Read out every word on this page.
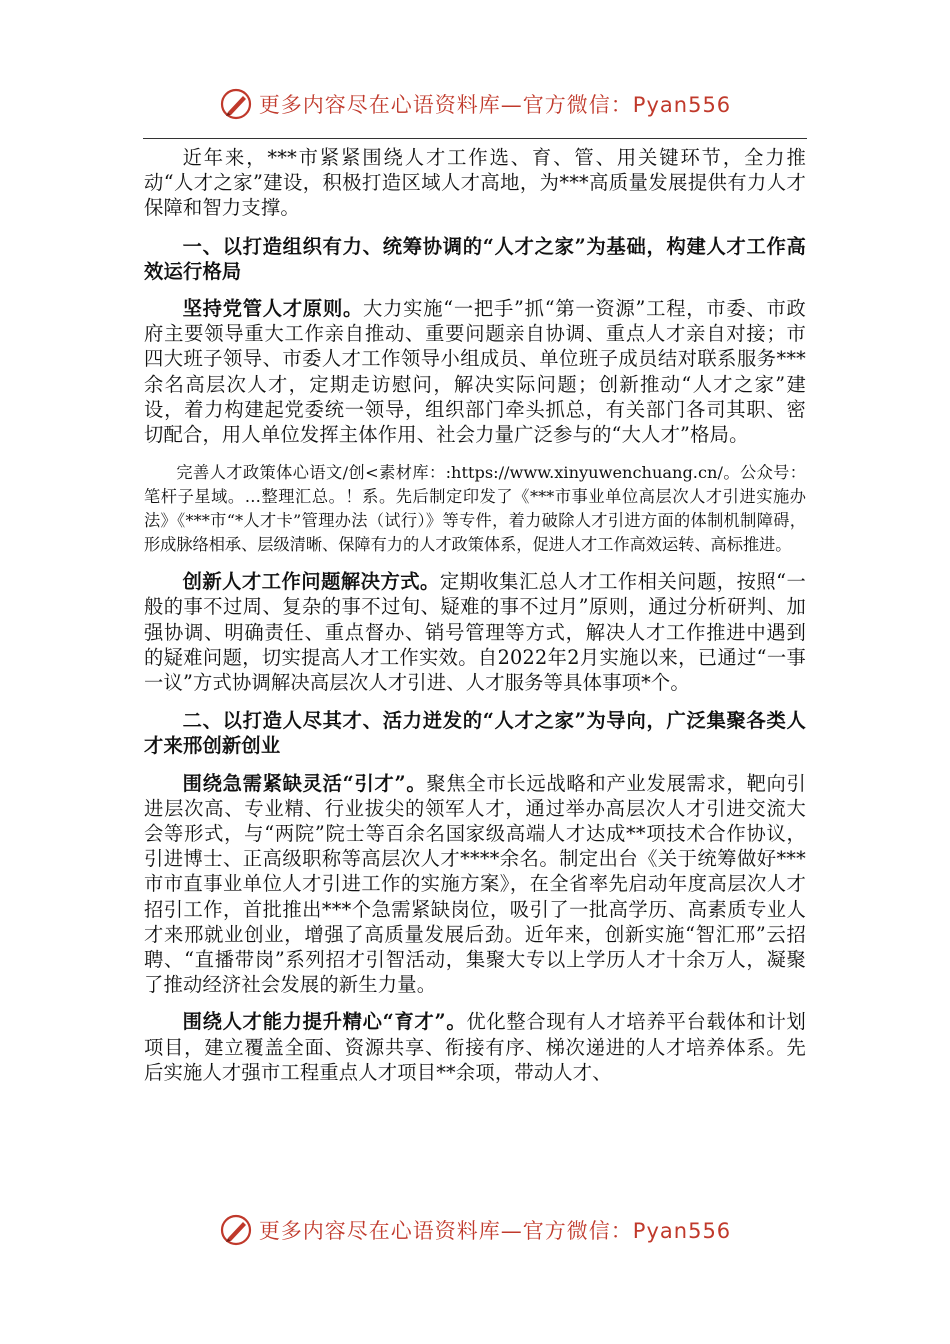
更多内容尽在心语资料库—官方微信：Pyan556

近年来，***市紧紧围绕人才工作选、育、管、用关键环节，全力推动“人才之家”建设，积极打造区域人才高地，为***高质量发展提供有力人才保障和智力支撑。

一、以打造组织有力、统筹协调的“人才之家”为基础，构建人才工作高效运行格局

坚持党管人才原则。大力实施“一把手”抓“第一资源”工程，市委、市政府主要领导重大工作亲自推动、重要问题亲自协调、重点人才亲自对接；市四大班子领导、市委人才工作领导小组成员、单位班子成员结对联系服务***余名高层次人才，定期走访慰问，解决实际问题；创新推动“人才之家”建设，着力构建起党委统一领导，组织部门牵头抓总，有关部门各司其职、密切配合，用人单位发挥主体作用、社会力量广泛参与的“大人才”格局。

完善人才政策体心语文/创<素材库：:https://www.xinyuwenchuang.cn/。公众号：笔杆子星域。…整理汇总。！系。先后制定印发了《***市事业单位高层次人才引进实施办法》《***市“*人才卡”管理办法（试行）》等专件，着力破除人才引进方面的体制机制障碍，形成脉络相承、层级清晰、保障有力的人才政策体系，促进人才工作高效运转、高标推进。

创新人才工作问题解决方式。定期收集汇总人才工作相关问题，按照“一般的事不过周、复杂的事不过旬、疑难的事不过月”原则，通过分析研判、加强协调、明确责任、重点督办、销号管理等方式，解决人才工作推进中遇到的疑难问题，切实提高人才工作实效。自2022年2月实施以来，已通过“一事一议”方式协调解决高层次人才引进、人才服务等具体事项*个。

二、以打造人尽其才、活力迸发的“人才之家”为导向，广泛集聚各类人才来邢创新创业

围绕急需紧缺灵活“引才”。聚焦全市长远战略和产业发展需求，靶向引进层次高、专业精、行业拔尖的领军人才，通过举办高层次人才引进交流大会等形式，与“两院”院士等百余名国家级高端人才达成**项技术合作协议，引进博士、正高级职称等高层次人才****余名。制定出台《关于统筹做好***市市直事业单位人才引进工作的实施方案》，在全省率先启动年度高层次人才招引工作，首批推出***个急需紧缺岗位，吸引了一批高学历、高素质专业人才来邢就业创业，增强了高质量发展后劲。近年来，创新实施“智汇邢”云招聘、“直播带岗”系列招才引智活动，集聚大专以上学历人才十余万人，凝聚了推动经济社会发展的新生力量。

围绕人才能力提升精心“育才”。优化整合现有人才培养平台载体和计划项目，建立覆盖全面、资源共享、衔接有序、梯次递进的人才培养体系。先后实施人才强市工程重点人才项目**余项，带动人才、

更多内容尽在心语资料库—官方微信：Pyan556
